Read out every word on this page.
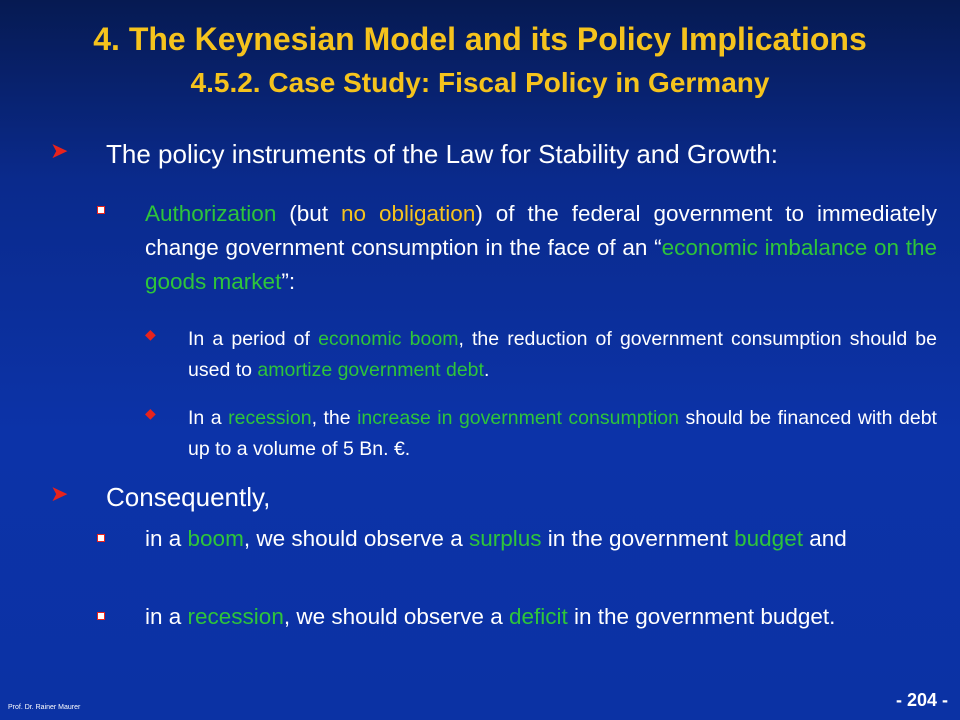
4. The Keynesian Model and its Policy Implications
4.5.2. Case Study: Fiscal Policy in Germany
➤ The policy instruments of the Law for Stability and Growth:
Authorization (but no obligation) of the federal government to immediately change government consumption in the face of an “economic imbalance on the goods market”:
◆ In a period of economic boom, the reduction of government consumption should be used to amortize government debt.
◆ In a recession, the increase in government consumption should be financed with debt up to a volume of 5 Bn. €.
➤ Consequently,
in a boom, we should observe a surplus in the government budget and
in a recession, we should observe a deficit in the government budget.
Prof. Dr. Rainer Maurer	- 204 -
